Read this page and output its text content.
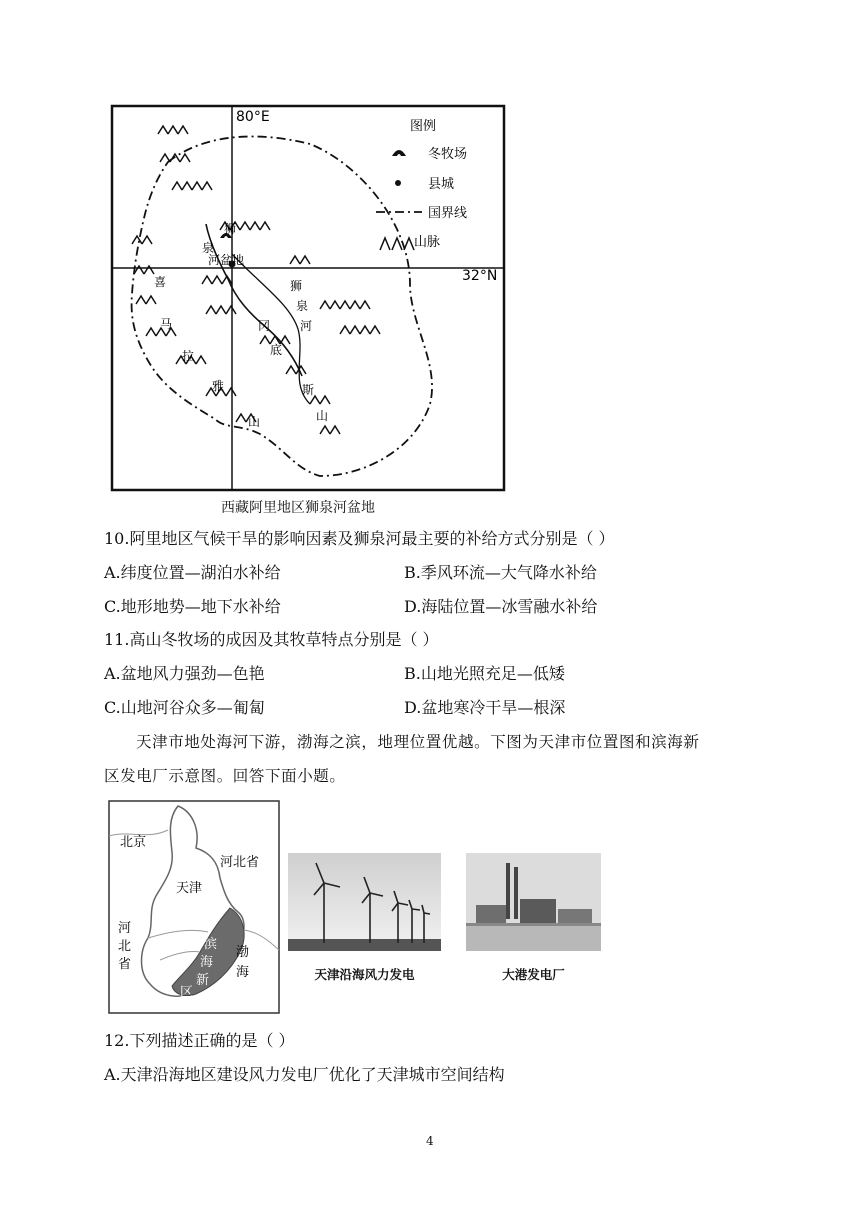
80°E
32°N
狮
泉
河盆地
喜
马
拉
雅
山
冈
底
斯
山
狮
泉
河
图例
冬牧场
县城
国界线
山脉
西藏阿里地区狮泉河盆地
10.阿里地区气候干旱的影响因素及狮泉河最主要的补给方式分别是（ ）
A.纬度位置—湖泊水补给	B.季风环流—大气降水补给
C.地形地势—地下水补给	D.海陆位置—冰雪融水补给
11.高山冬牧场的成因及其牧草特点分别是（ ）
A.盆地风力强劲—色艳	B.山地光照充足—低矮
C.山地河谷众多—匍匐	D.盆地寒冷干旱—根深
天津市地处海河下游，渤海之滨，地理位置优越。下图为天津市位置图和滨海新
区发电厂示意图。回答下面小题。
北京
河北省
天津
河
北
省
滨
海
新
区
渤
海	天津沿海风力发电	大港发电厂
12.下列描述正确的是（ ）
A.天津沿海地区建设风力发电厂优化了天津城市空间结构
4
